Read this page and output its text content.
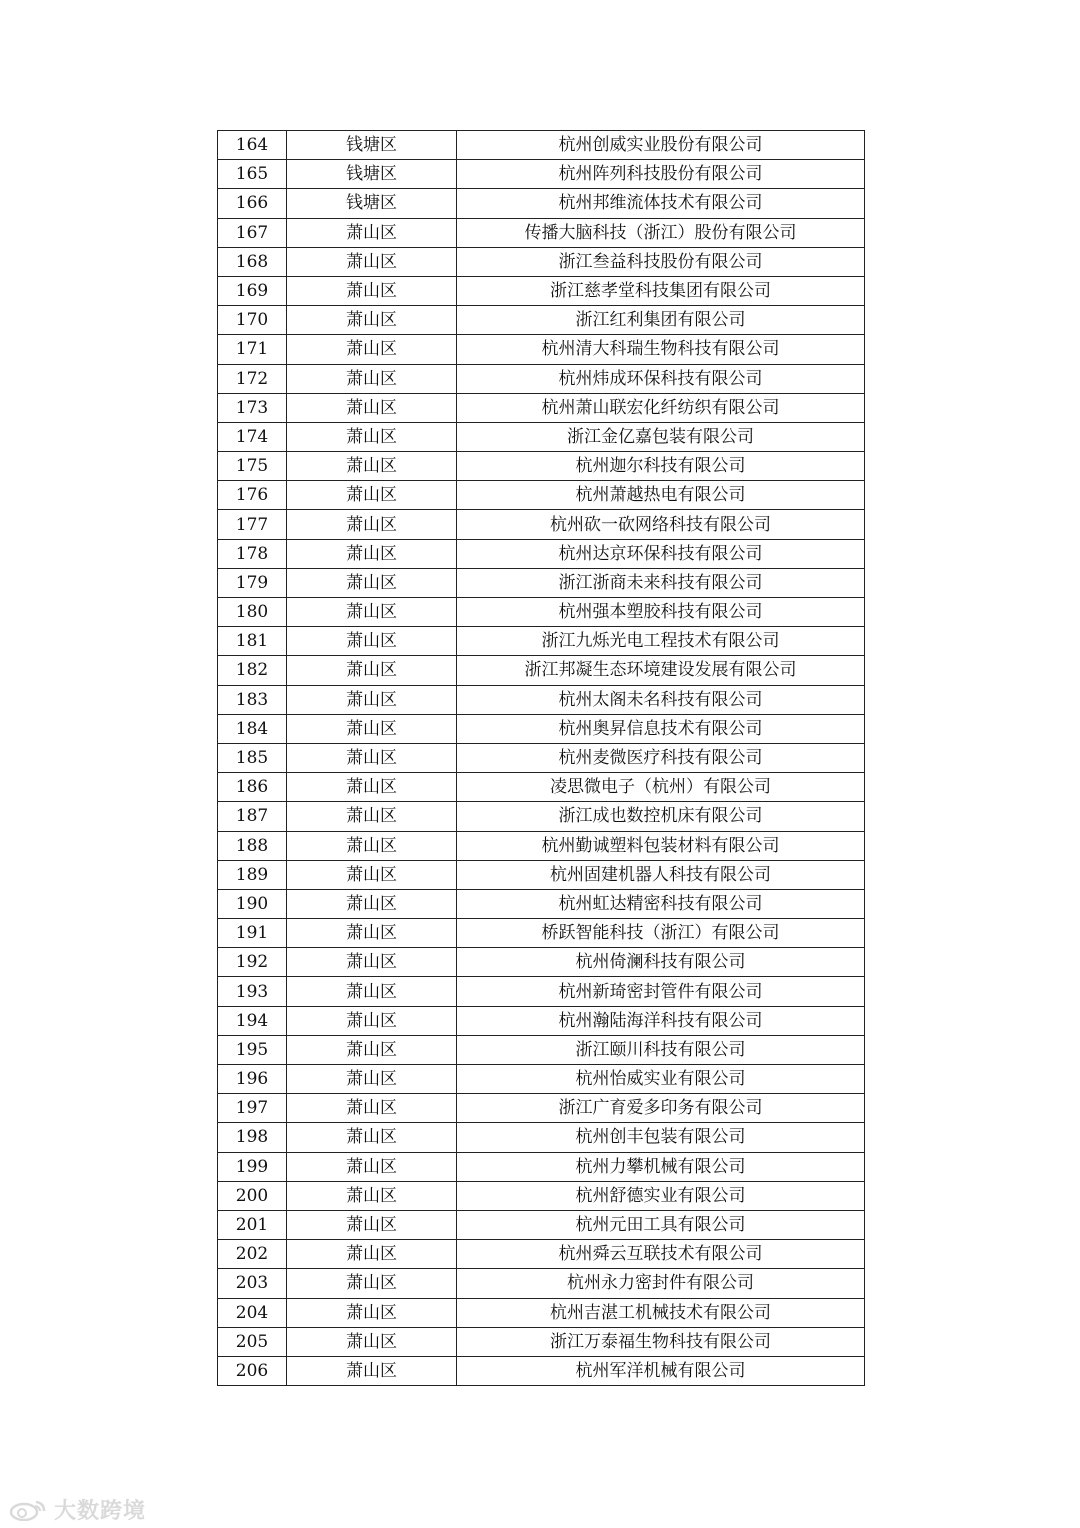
164	钱塘区	杭州创威实业股份有限公司
165	钱塘区	杭州阵列科技股份有限公司
166	钱塘区	杭州邦维流体技术有限公司
167	萧山区	传播大脑科技（浙江）股份有限公司
168	萧山区	浙江叁益科技股份有限公司
169	萧山区	浙江慈孝堂科技集团有限公司
170	萧山区	浙江红利集团有限公司
171	萧山区	杭州清大科瑞生物科技有限公司
172	萧山区	杭州炜成环保科技有限公司
173	萧山区	杭州萧山联宏化纤纺织有限公司
174	萧山区	浙江金亿嘉包装有限公司
175	萧山区	杭州迦尔科技有限公司
176	萧山区	杭州萧越热电有限公司
177	萧山区	杭州砍一砍网络科技有限公司
178	萧山区	杭州达京环保科技有限公司
179	萧山区	浙江浙商未来科技有限公司
180	萧山区	杭州强本塑胶科技有限公司
181	萧山区	浙江九烁光电工程技术有限公司
182	萧山区	浙江邦凝生态环境建设发展有限公司
183	萧山区	杭州太阁未名科技有限公司
184	萧山区	杭州奥昇信息技术有限公司
185	萧山区	杭州麦微医疗科技有限公司
186	萧山区	凌思微电子（杭州）有限公司
187	萧山区	浙江成也数控机床有限公司
188	萧山区	杭州勤诚塑料包装材料有限公司
189	萧山区	杭州固建机器人科技有限公司
190	萧山区	杭州虹达精密科技有限公司
191	萧山区	桥跃智能科技（浙江）有限公司
192	萧山区	杭州倚澜科技有限公司
193	萧山区	杭州新琦密封管件有限公司
194	萧山区	杭州瀚陆海洋科技有限公司
195	萧山区	浙江颐川科技有限公司
196	萧山区	杭州怡威实业有限公司
197	萧山区	浙江广育爱多印务有限公司
198	萧山区	杭州创丰包装有限公司
199	萧山区	杭州力攀机械有限公司
200	萧山区	杭州舒德实业有限公司
201	萧山区	杭州元田工具有限公司
202	萧山区	杭州舜云互联技术有限公司
203	萧山区	杭州永力密封件有限公司
204	萧山区	杭州吉湛工机械技术有限公司
205	萧山区	浙江万泰福生物科技有限公司
206	萧山区	杭州军洋机械有限公司
大数跨境
